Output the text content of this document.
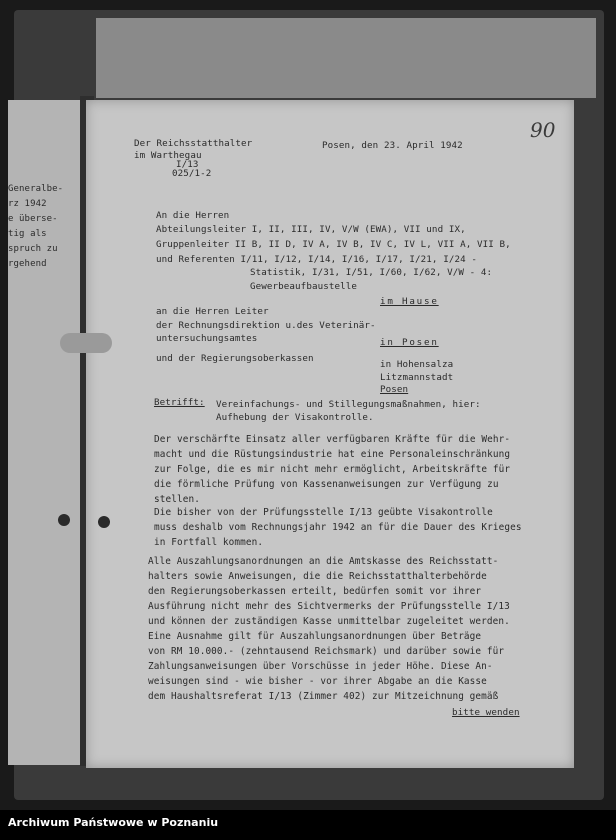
Generalbe-
rz 1942
e überse-
tig als
spruch zu
rgehend
Der Reichsstatthalter
im Warthegau
I/13
025/1-2
Posen, den 23. April 1942
An die Herren
Abteilungsleiter I, II, III, IV, V/W (EWA), VII und IX,
Gruppenleiter II B, II D, IV A, IV B, IV C, IV L, VII A, VII B,
und Referenten I/11, I/12, I/14, I/16, I/17, I/21, I/24 -
Statistik, I/31, I/51, I/60, I/62, V/W - 4:
Gewerbeaufbaustelle
im Hause
an die Herren Leiter
der Rechnungsdirektion u.des Veterinär-
untersuchungsamtes	in Posen
und der Regierungsoberkassen
in Hohensalza
Litzmannstadt
Posen
Betrifft: Vereinfachungs- und Stillegungsmaßnahmen, hier:
Aufhebung der Visakontrolle.
Der verschärfte Einsatz aller verfügbaren Kräfte für die Wehr-
macht und die Rüstungsindustrie hat eine Personaleinschränkung
zur Folge, die es mir nicht mehr ermöglicht, Arbeitskräfte für
die förmliche Prüfung von Kassenanweisungen zur Verfügung zu
stellen.
Die bisher von der Prüfungsstelle I/13 geübte Visakontrolle
muss deshalb vom Rechnungsjahr 1942 an für die Dauer des Krieges
in Fortfall kommen.
Alle Auszahlungsanordnungen an die Amtskasse des Reichsstatt-
halters sowie Anweisungen, die die Reichsstatthalterbehörde
den Regierungsoberkassen erteilt, bedürfen somit vor ihrer
Ausführung nicht mehr des Sichtvermerks der Prüfungsstelle I/13
und können der zuständigen Kasse unmittelbar zugeleitet werden.
Eine Ausnahme gilt für Auszahlungsanordnungen über Beträge
von RM 10.000.- (zehntausend Reichsmark) und darüber sowie für
Zahlungsanweisungen über Vorschüsse in jeder Höhe. Diese An-
weisungen sind - wie bisher - vor ihrer Abgabe an die Kasse
dem Haushaltsreferat I/13 (Zimmer 402) zur Mitzeichnung gemäß
bitte wenden
90
Archiwum Państwowe w Poznaniu
